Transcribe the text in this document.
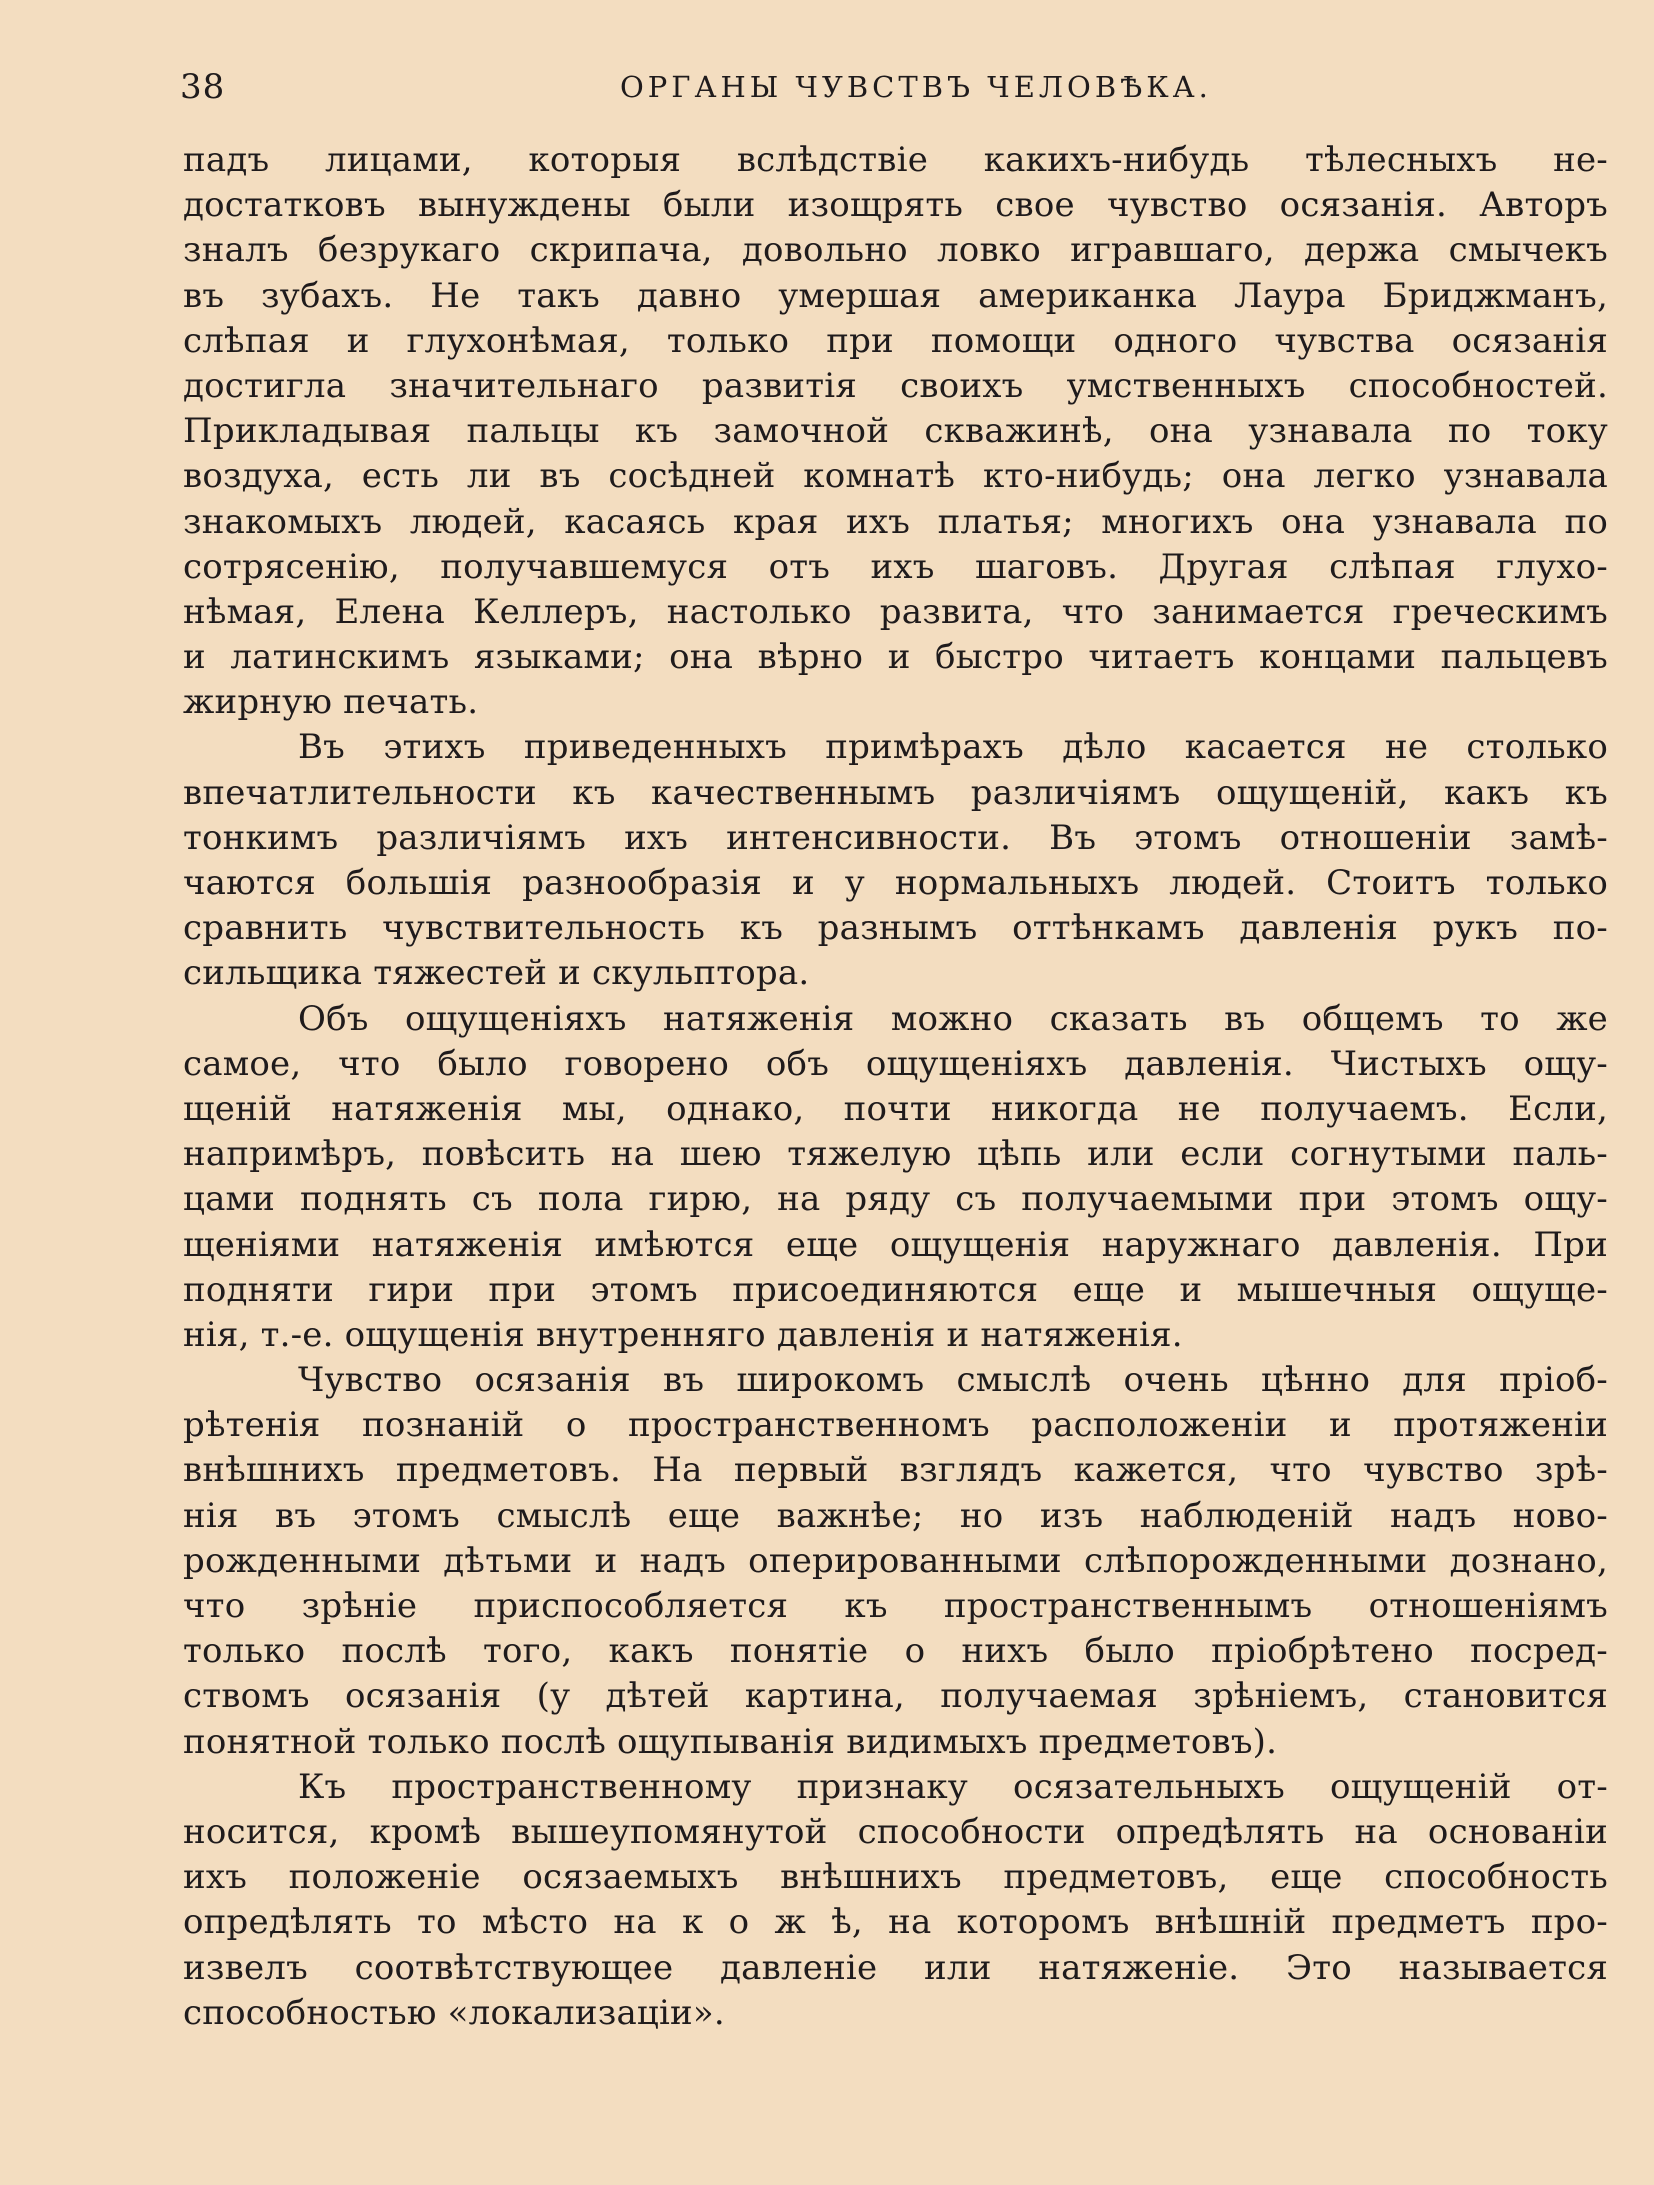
38	ОРГАНЫ ЧУВСТВЪ ЧЕЛОВѢКА.
падъ лицами, которыя вслѣдствіе какихъ-нибудь тѣлесныхъ не-
достатковъ вынуждены были изощрять свое чувство осязанія. Авторъ
зналъ безрукаго скрипача, довольно ловко игравшаго, держа смычекъ
въ зубахъ. Не такъ давно умершая американка Лаура Бриджманъ,
слѣпая и глухонѣмая, только при помощи одного чувства осязанія
достигла значительнаго развитія своихъ умственныхъ способностей.
Прикладывая пальцы къ замочной скважинѣ, она узнавала по току
воздуха, есть ли въ сосѣдней комнатѣ кто-нибудь; она легко узнавала
знакомыхъ людей, касаясь края ихъ платья; многихъ она узнавала по
сотрясенію, получавшемуся отъ ихъ шаговъ. Другая слѣпая глухо-
нѣмая, Елена Келлеръ, настолько развита, что занимается греческимъ
и латинскимъ языками; она вѣрно и быстро читаетъ концами пальцевъ
жирную печать.
Въ этихъ приведенныхъ примѣрахъ дѣло касается не столько
впечатлительности къ качественнымъ различіямъ ощущеній, какъ къ
тонкимъ различіямъ ихъ интенсивности. Въ этомъ отношеніи замѣ-
чаются большія разнообразія и у нормальныхъ людей. Стоитъ только
сравнить чувствительность къ разнымъ оттѣнкамъ давленія рукъ по-
сильщика тяжестей и скульптора.
Объ ощущеніяхъ натяженія можно сказать въ общемъ то же
самое, что было говорено объ ощущеніяхъ давленія. Чистыхъ ощу-
щеній натяженія мы, однако, почти никогда не получаемъ. Если,
напримѣръ, повѣсить на шею тяжелую цѣпь или если согнутыми паль-
цами поднять съ пола гирю, на ряду съ получаемыми при этомъ ощу-
щеніями натяженія имѣются еще ощущенія наружнаго давленія. При
подняти гири при этомъ присоединяются еще и мышечныя ощуще-
нія, т.-е. ощущенія внутренняго давленія и натяженія.
Чувство осязанія въ широкомъ смыслѣ очень цѣнно для пріоб-
рѣтенія познаній о пространственномъ расположеніи и протяженіи
внѣшнихъ предметовъ. На первый взглядъ кажется, что чувство зрѣ-
нія въ этомъ смыслѣ еще важнѣе; но изъ наблюденій надъ ново-
рожденными дѣтьми и надъ оперированными слѣпорожденными дознано,
что зрѣніе приспособляется къ пространственнымъ отношеніямъ
только послѣ того, какъ понятіе о нихъ было пріобрѣтено посред-
ствомъ осязанія (у дѣтей картина, получаемая зрѣніемъ, становится
понятной только послѣ ощупыванія видимыхъ предметовъ).
Къ пространственному признаку осязательныхъ ощущеній от-
носится, кромѣ вышеупомянутой способности опредѣлять на основаніи
ихъ положеніе осязаемыхъ внѣшнихъ предметовъ, еще способность
опредѣлять то мѣсто на к о ж ѣ, на которомъ внѣшній предметъ про-
извелъ соотвѣтствующее давленіе или натяженіе. Это называется
способностью «локализаціи».
